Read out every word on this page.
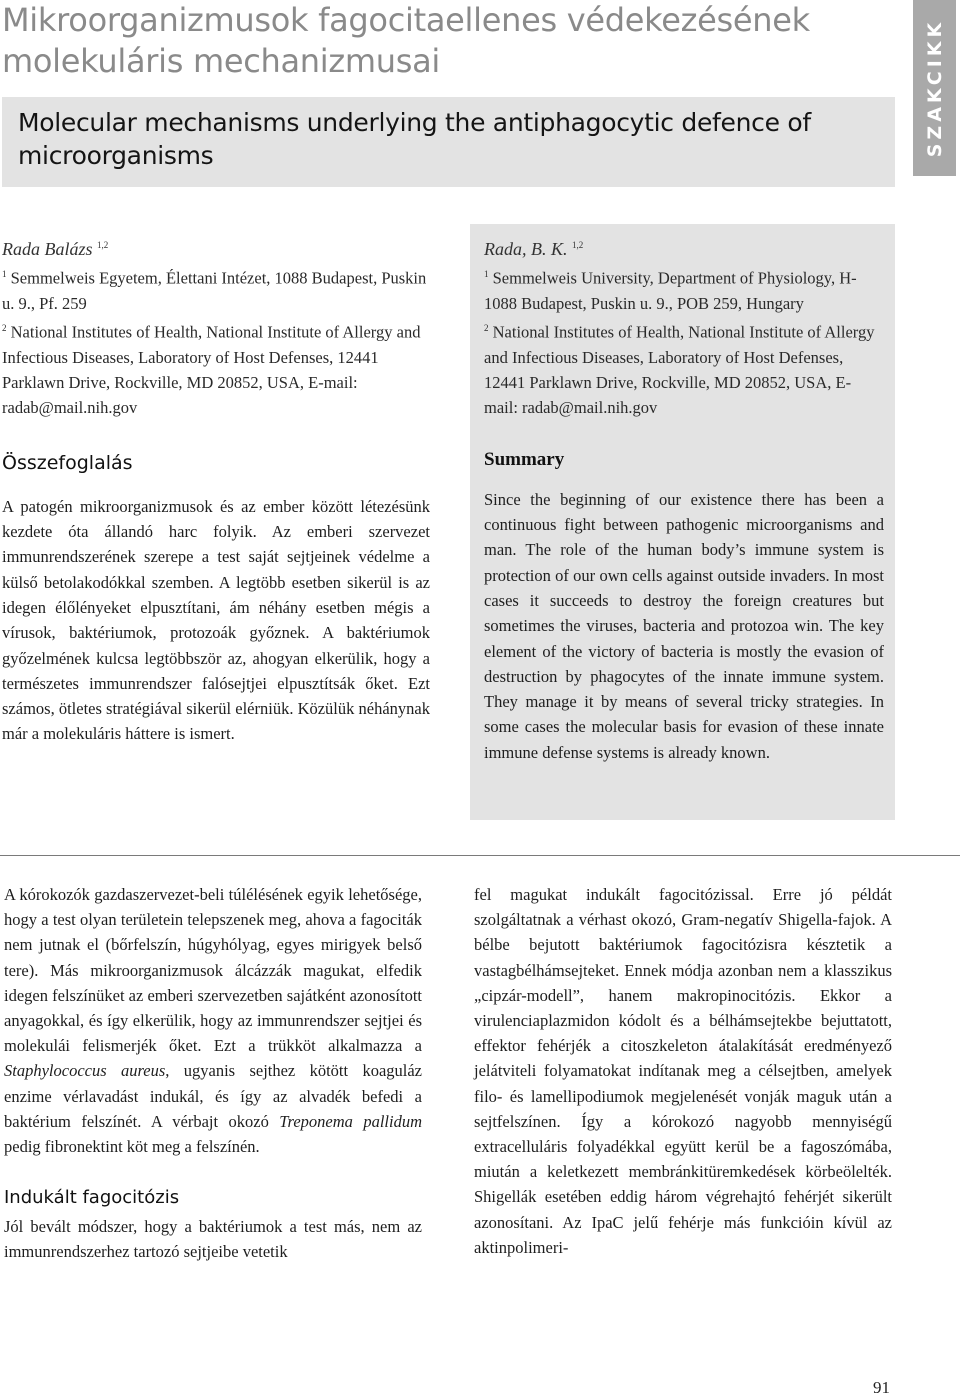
Mikroorganizmusok fagocitaellenes védekezésének molekuláris mechanizmusai
Molecular mechanisms underlying the antiphagocytic defence of microorganisms	SZAKCIKK
Rada Balázs $^{1,2}$
$^1$ Semmelweis Egyetem, Élettani Intézet, 1088 Budapest, Puskin u. 9., Pf. 259
$^2$ National Institutes of Health, National Institute of Allergy and Infectious Diseases, Laboratory of Host Defenses, 12441 Parklawn Drive, Rockville, MD 20852, USA, E-mail: radab@mail.nih.gov
Összefoglalás
A patogén mikroorganizmusok és az ember között létezésünk kezdete óta állandó harc folyik. Az emberi szervezet immunrendszerének szerepe a test saját sejtjeinek védelme a külső betolakodókkal szemben. A legtöbb esetben sikerül is az idegen élőlényeket elpusztítani, ám néhány esetben mégis a vírusok, baktériumok, protozoák győznek. A baktériumok győzelmének kulcsa legtöbbször az, ahogyan elkerülik, hogy a természetes immunrendszer falósejtjei elpusztítsák őket. Ezt számos, ötletes stratégiával sikerül elérniük. Közülük néhánynak már a molekuláris háttere is ismert.
Rada, B. K. $^{1,2}$
$^1$ Semmelweis University, Department of Physiology, H-1088 Budapest, Puskin u. 9., POB 259, Hungary
$^2$ National Institutes of Health, National Institute of Allergy and Infectious Diseases, Laboratory of Host Defenses, 12441 Parklawn Drive, Rockville, MD 20852, USA, E-mail: radab@mail.nih.gov
Summary
Since the beginning of our existence there has been a continuous fight between pathogenic microorganisms and man. The role of the human body’s immune system is protection of our own cells against outside invaders. In most cases it succeeds to destroy the foreign creatures but sometimes the viruses, bacteria and protozoa win. The key element of the victory of bacteria is mostly the evasion of destruction by phagocytes of the innate immune system. They manage it by means of several tricky strategies. In some cases the molecular basis for evasion of these innate immune defense systems is already known.

A kórokozók gazdaszervezet-beli túlélésének egyik lehetősége, hogy a test olyan területein telepszenek meg, ahova a fagociták nem jutnak el (bőrfelszín, húgyhólyag, egyes mirigyek belső tere). Más mikroorganizmusok álcázzák magukat, elfedik idegen felszínüket az emberi szervezetben sajátként azonosított anyagokkal, és így elkerülik, hogy az immunrendszer sejtjei és molekulái felismerjék őket. Ezt a trükköt alkalmazza a Staphylococcus aureus, ugyanis sejthez kötött koaguláz enzime vérlavadást indukál, és így az alvadék befedi a baktérium felszínét. A vérbajt okozó Treponema pallidum pedig fibronektint köt meg a felszínén.

Indukált fagocitózis

Jól bevált módszer, hogy a baktériumok a test más, nem az immunrendszerhez tartozó sejtjeibe vetetik

fel magukat indukált fagocitózissal. Erre jó példát szolgáltatnak a vérhast okozó, Gram-negatív Shigella-fajok. A bélbe bejutott baktériumok fagocitózisra késztetik a vastagbélhámsejteket. Ennek módja azonban nem a klasszikus „cipzár-modell”, hanem makropinocitózis. Ekkor a virulenciaplazmidon kódolt és a bélhámsejtekbe bejuttatott, effektor fehérjék a citoszkeleton átalakítását eredményező jelátviteli folyamatokat indítanak meg a célsejtben, amelyek filo- és lamellipodiumok megjelenését vonják maguk után a sejtfelszínen. Így a kórokozó nagyobb mennyiségű extracelluláris folyadékkal együtt kerül be a fagoszómába, miután a keletkezett membránkitüremkedések körbeölelték. Shigellák esetében eddig három végrehajtó fehérjét sikerült azonosítani. Az IpaC jelű fehérje más funkcióin kívül az aktinpolimeri-

91
